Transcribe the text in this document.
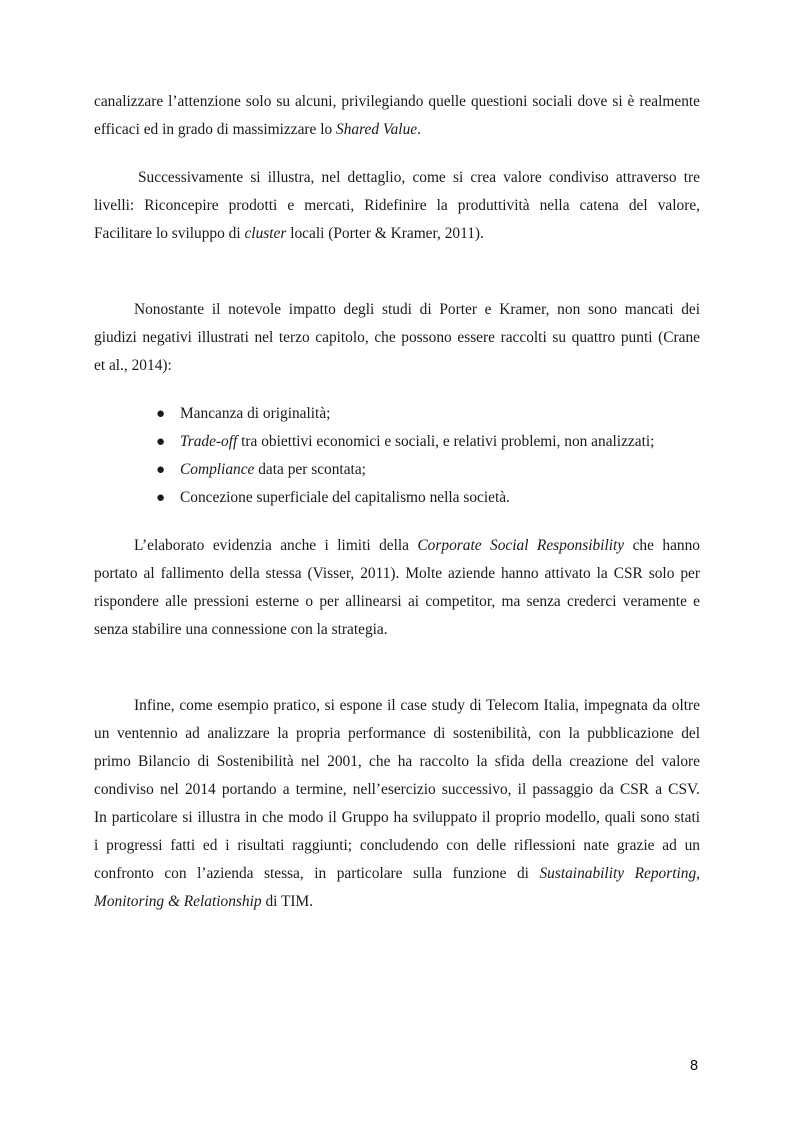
canalizzare l’attenzione solo su alcuni, privilegiando quelle questioni sociali dove si è realmente
efficaci ed in grado di massimizzare lo Shared Value.
Successivamente si illustra, nel dettaglio, come si crea valore condiviso attraverso tre
livelli: Riconcepire prodotti e mercati, Ridefinire la produttività nella catena del valore,
Facilitare lo sviluppo di cluster locali (Porter & Kramer, 2011).
Nonostante il notevole impatto degli studi di Porter e Kramer, non sono mancati dei
giudizi negativi illustrati nel terzo capitolo, che possono essere raccolti su quattro punti (Crane
et al., 2014):
● Mancanza di originalità;
● Trade-off tra obiettivi economici e sociali, e relativi problemi, non analizzati;
● Compliance data per scontata;
● Concezione superficiale del capitalismo nella società.
L’elaborato evidenzia anche i limiti della Corporate Social Responsibility che hanno
portato al fallimento della stessa (Visser, 2011). Molte aziende hanno attivato la CSR solo per
rispondere alle pressioni esterne o per allinearsi ai competitor, ma senza crederci veramente e
senza stabilire una connessione con la strategia.
Infine, come esempio pratico, si espone il case study di Telecom Italia, impegnata da oltre
un ventennio ad analizzare la propria performance di sostenibilità, con la pubblicazione del
primo Bilancio di Sostenibilità nel 2001, che ha raccolto la sfida della creazione del valore
condiviso nel 2014 portando a termine, nell’esercizio successivo, il passaggio da CSR a CSV.
In particolare si illustra in che modo il Gruppo ha sviluppato il proprio modello, quali sono stati
i progressi fatti ed i risultati raggiunti; concludendo con delle riflessioni nate grazie ad un
confronto con l’azienda stessa, in particolare sulla funzione di Sustainability Reporting,
Monitoring & Relationship di TIM.
8
